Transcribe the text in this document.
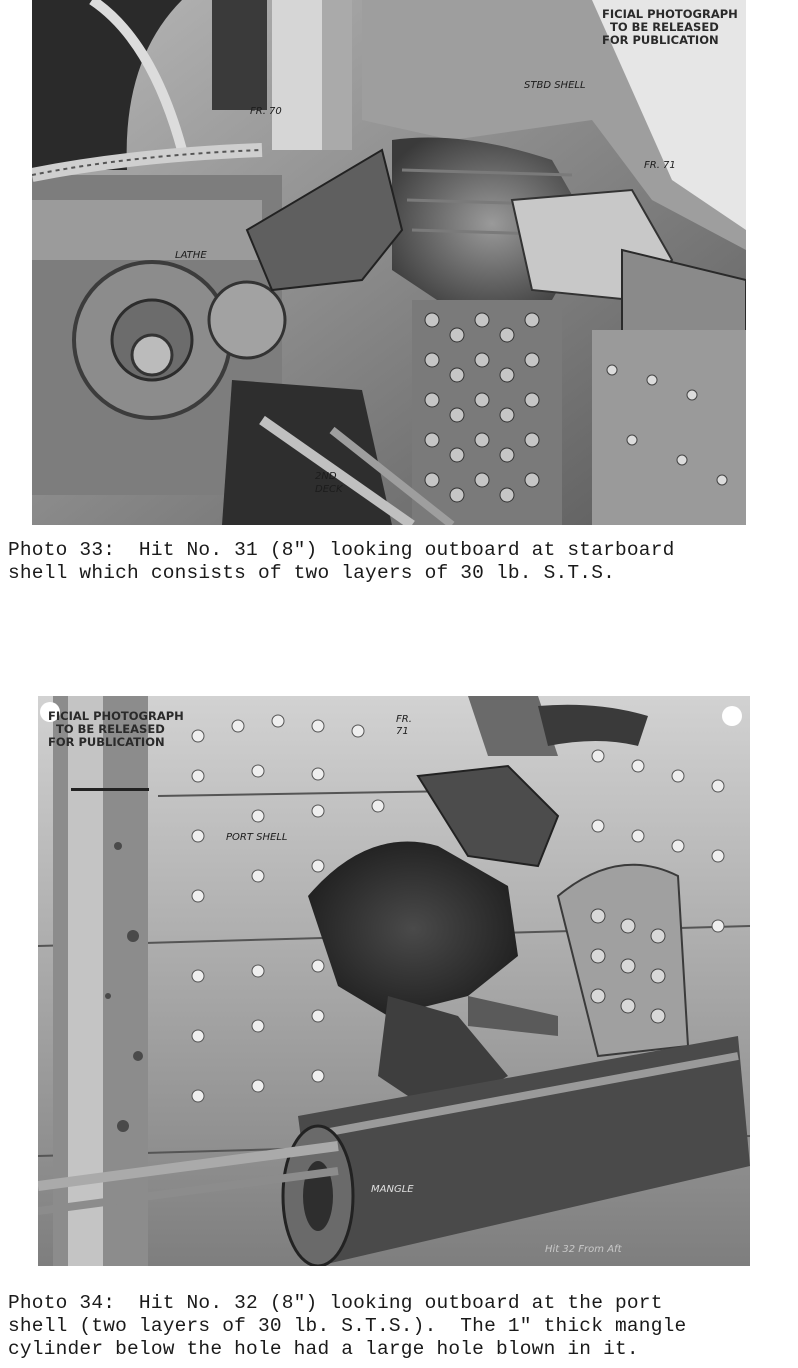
FICIAL PHOTOGRAPH
TO BE RELEASED
FOR PUBLICATION
FR. 70
STBD SHELL
FR. 71
LATHE
2ND
DECK

Photo 33:  Hit No. 31 (8") looking outboard at starboard
shell which consists of two layers of 30 lb. S.T.S.

FICIAL PHOTOGRAPH
TO BE RELEASED
FOR PUBLICATION
FR.
71
PORT SHELL
MANGLE
Hit 32 From Aft

Photo 34:  Hit No. 32 (8") looking outboard at the port
shell (two layers of 30 lb. S.T.S.).  The 1" thick mangle
cylinder below the hole had a large hole blown in it.
